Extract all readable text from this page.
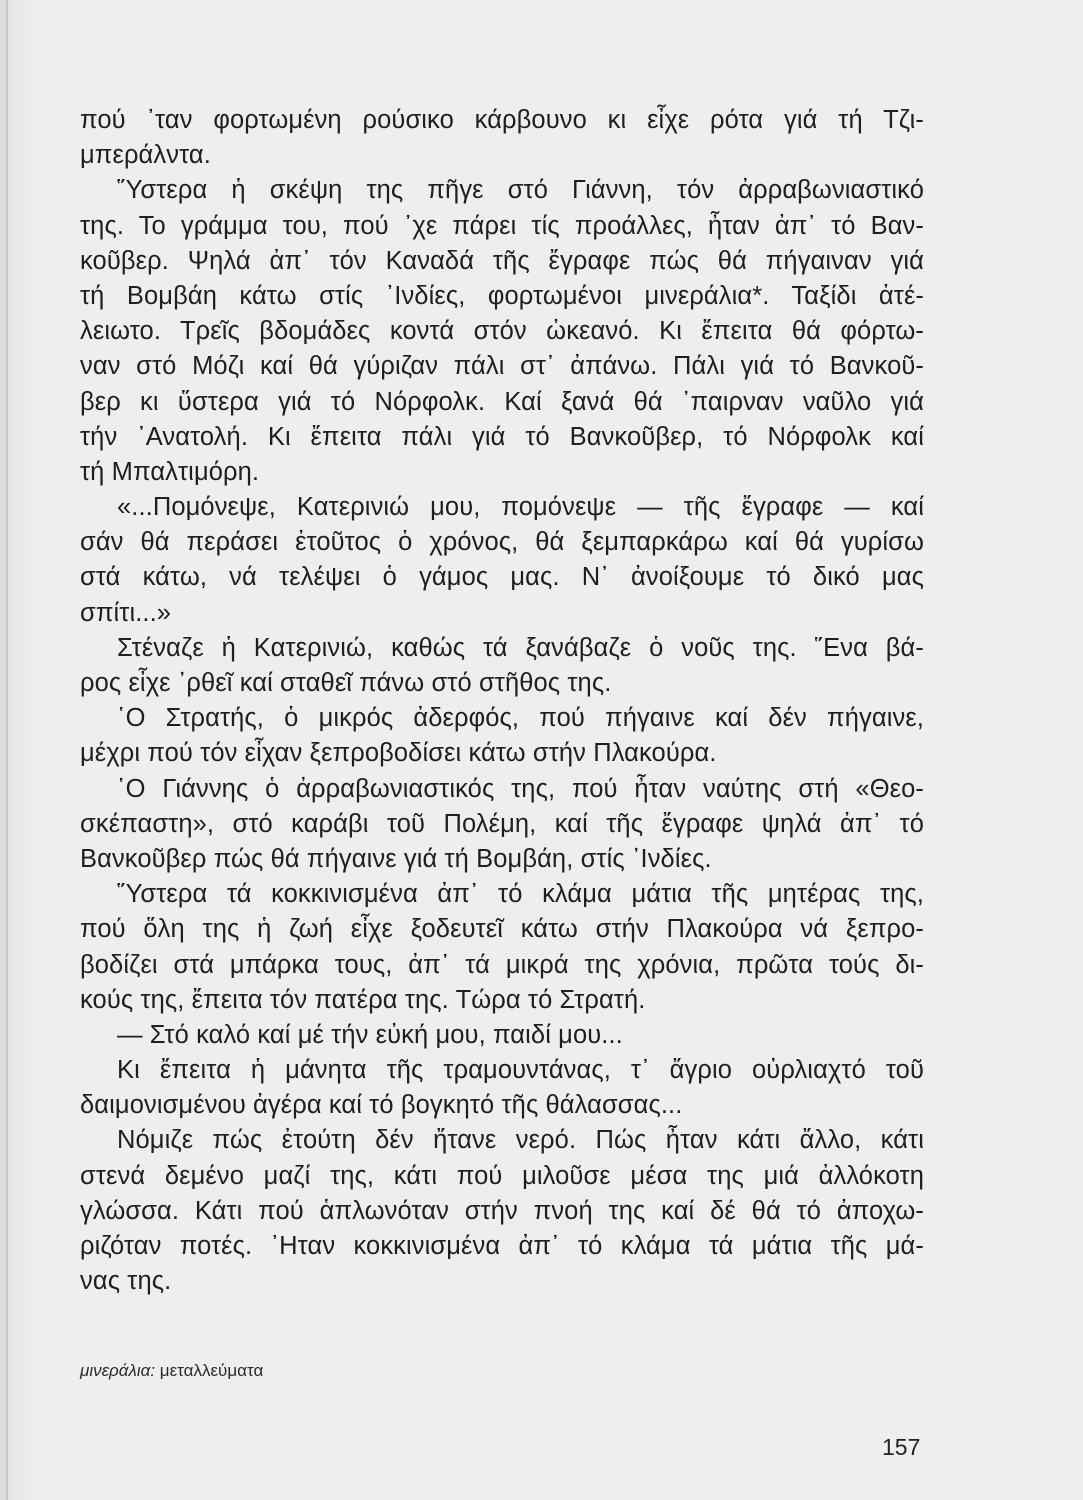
πού ᾽ταν φορτωμένη ρούσικο κάρβουνο κι εἶχε ρότα γιά τή Τζι-
μπεράλντα.
῞Υστερα ἡ σκέψη της πῆγε στό Γιάννη, τόν ἀρραβωνιαστικό
της. Το γράμμα του, πού ᾽χε πάρει τίς προάλλες, ἦταν ἀπ᾽ τό Βαν-
κοῦβερ. Ψηλά ἀπ᾽ τόν Καναδά τῆς ἔγραφε πώς θά πήγαιναν γιά
τή Βομβάη κάτω στίς ᾽Ινδίες, φορτωμένοι μινεράλια*. Ταξίδι ἀτέ-
λειωτο. Τρεῖς βδομάδες κοντά στόν ὠκεανό. Κι ἔπειτα θά φόρτω-
ναν στό Μόζι καί θά γύριζαν πάλι στ᾽ ἀπάνω. Πάλι γιά τό Βανκοῦ-
βερ κι ὕστερα γιά τό Νόρφολκ. Καί ξανά θά ᾽παιρναν ναῦλο γιά
τήν ᾽Ανατολή. Κι ἔπειτα πάλι γιά τό Βανκοῦβερ, τό Νόρφολκ καί
τή Μπαλτιμόρη.
«...Πομόνεψε, Κατερινιώ μου, πομόνεψε — τῆς ἔγραφε — καί
σάν θά περάσει ἐτοῦτος ὁ χρόνος, θά ξεμπαρκάρω καί θά γυρίσω
στά κάτω, νά τελέψει ὁ γάμος μας. Ν᾽ ἀνοίξουμε τό δικό μας
σπίτι...»
Στέναζε ἡ Κατερινιώ, καθώς τά ξανάβαζε ὁ νοῦς της. ῞Ενα βά-
ρος εἶχε ᾽ρθεῖ καί σταθεῖ πάνω στό στῆθος της.
῾Ο Στρατής, ὁ μικρός ἀδερφός, πού πήγαινε καί δέν πήγαινε,
μέχρι πού τόν εἶχαν ξεπροβοδίσει κάτω στήν Πλακούρα.
῾Ο Γιάννης ὁ ἀρραβωνιαστικός της, πού ἦταν ναύτης στή «Θεο-
σκέπαστη», στό καράβι τοῦ Πολέμη, καί τῆς ἔγραφε ψηλά ἀπ᾽ τό
Βανκοῦβερ πώς θά πήγαινε γιά τή Βομβάη, στίς ᾽Ινδίες.
῞Υστερα τά κοκκινισμένα ἀπ᾽ τό κλάμα μάτια τῆς μητέρας της,
πού ὅλη της ἡ ζωή εἶχε ξοδευτεῖ κάτω στήν Πλακούρα νά ξεπρο-
βοδίζει στά μπάρκα τους, ἀπ᾽ τά μικρά της χρόνια, πρῶτα τούς δι-
κούς της, ἔπειτα τόν πατέρα της. Τώρα τό Στρατή.
— Στό καλό καί μέ τήν εὐκή μου, παιδί μου...
Κι ἔπειτα ἡ μάνητα τῆς τραμουντάνας, τ᾽ ἄγριο οὐρλιαχτό τοῦ
δαιμονισμένου ἀγέρα καί τό βογκητό τῆς θάλασσας...
Νόμιζε πώς ἐτούτη δέν ἤτανε νερό. Πώς ἦταν κάτι ἄλλο, κάτι
στενά δεμένο μαζί της, κάτι πού μιλοῦσε μέσα της μιά ἀλλόκοτη
γλώσσα. Κάτι πού ἁπλωνόταν στήν πνοή της καί δέ θά τό ἀποχω-
ριζόταν ποτές. ᾽Ηταν κοκκινισμένα ἀπ᾽ τό κλάμα τά μάτια τῆς μά-
νας της.
μινεράλια: μεταλλεύματα
157
